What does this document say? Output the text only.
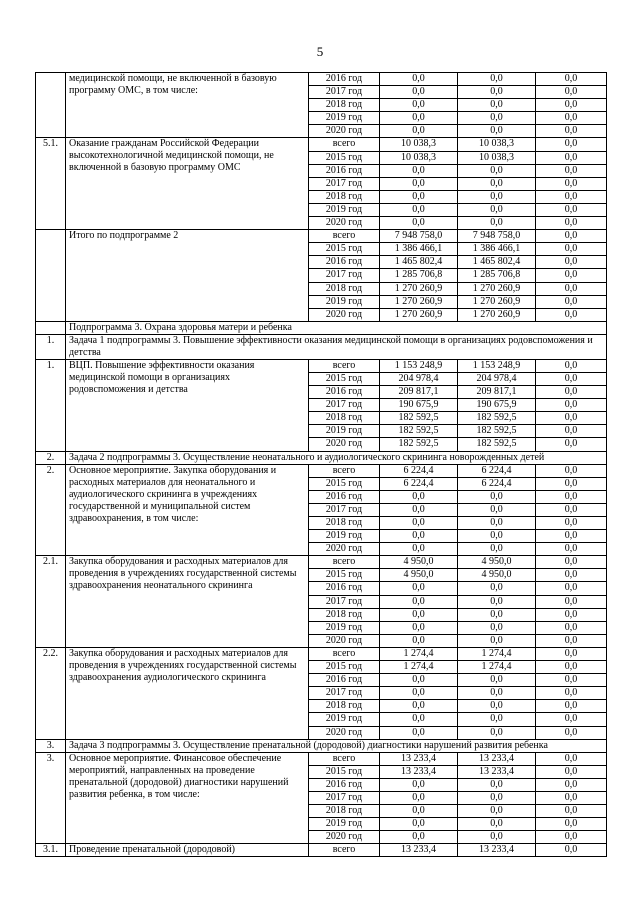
5
	медицинской помощи, не включенной в базовую программу ОМС, в том числе:	2016 год	0,0	0,0	0,0
		2017 год	0,0	0,0	0,0
		2018 год	0,0	0,0	0,0
		2019 год	0,0	0,0	0,0
		2020 год	0,0	0,0	0,0
5.1.	Оказание гражданам Российской Федерации высокотехнологичной медицинской помощи, не включенной в базовую программу ОМС	всего	10 038,3	10 038,3	0,0
		2015 год	10 038,3	10 038,3	0,0
		2016 год	0,0	0,0	0,0
		2017 год	0,0	0,0	0,0
		2018 год	0,0	0,0	0,0
		2019 год	0,0	0,0	0,0
		2020 год	0,0	0,0	0,0
	Итого по подпрограмме 2	всего	7 948 758,0	7 948 758,0	0,0
		2015 год	1 386 466,1	1 386 466,1	0,0
		2016 год	1 465 802,4	1 465 802,4	0,0
		2017 год	1 285 706,8	1 285 706,8	0,0
		2018 год	1 270 260,9	1 270 260,9	0,0
		2019 год	1 270 260,9	1 270 260,9	0,0
		2020 год	1 270 260,9	1 270 260,9	0,0
	Подпрограмма 3. Охрана здоровья матери и ребенка				
1.	Задача 1 подпрограммы 3. Повышение эффективности оказания медицинской помощи в организациях родовспоможения и детства				
1.	ВЦП. Повышение эффективности оказания медицинской помощи в организациях родовспоможения и детства	всего	1 153 248,9	1 153 248,9	0,0
		2015 год	204 978,4	204 978,4	0,0
		2016 год	209 817,1	209 817,1	0,0
		2017 год	190 675,9	190 675,9	0,0
		2018 год	182 592,5	182 592,5	0,0
		2019 год	182 592,5	182 592,5	0,0
		2020 год	182 592,5	182 592,5	0,0
2.	Задача 2 подпрограммы 3. Осуществление неонатального и аудиологического скрининга новорожденных детей				
2.	Основное мероприятие. Закупка оборудования и расходных материалов для неонатального и аудиологического скрининга в учреждениях государственной и муниципальной систем здравоохранения, в том числе:	всего	6 224,4	6 224,4	0,0
		2015 год	6 224,4	6 224,4	0,0
		2016 год	0,0	0,0	0,0
		2017 год	0,0	0,0	0,0
		2018 год	0,0	0,0	0,0
		2019 год	0,0	0,0	0,0
		2020 год	0,0	0,0	0,0
2.1.	Закупка оборудования и расходных материалов для проведения в учреждениях государственной системы здравоохранения неонатального скрининга	всего	4 950,0	4 950,0	0,0
		2015 год	4 950,0	4 950,0	0,0
		2016 год	0,0	0,0	0,0
		2017 год	0,0	0,0	0,0
		2018 год	0,0	0,0	0,0
		2019 год	0,0	0,0	0,0
		2020 год	0,0	0,0	0,0
2.2.	Закупка оборудования и расходных материалов для проведения в учреждениях государственной системы здравоохранения аудиологического скрининга	всего	1 274,4	1 274,4	0,0
		2015 год	1 274,4	1 274,4	0,0
		2016 год	0,0	0,0	0,0
		2017 год	0,0	0,0	0,0
		2018 год	0,0	0,0	0,0
		2019 год	0,0	0,0	0,0
		2020 год	0,0	0,0	0,0
3.	Задача 3 подпрограммы 3. Осуществление пренатальной (дородовой) диагностики нарушений развития ребенка				
3.	Основное мероприятие. Финансовое обеспечение мероприятий, направленных на проведение пренатальной (дородовой) диагностики нарушений развития ребенка, в том числе:	всего	13 233,4	13 233,4	0,0
		2015 год	13 233,4	13 233,4	0,0
		2016 год	0,0	0,0	0,0
		2017 год	0,0	0,0	0,0
		2018 год	0,0	0,0	0,0
		2019 год	0,0	0,0	0,0
		2020 год	0,0	0,0	0,0
3.1.	Проведение пренатальной (дородовой)	всего	13 233,4	13 233,4	0,0
